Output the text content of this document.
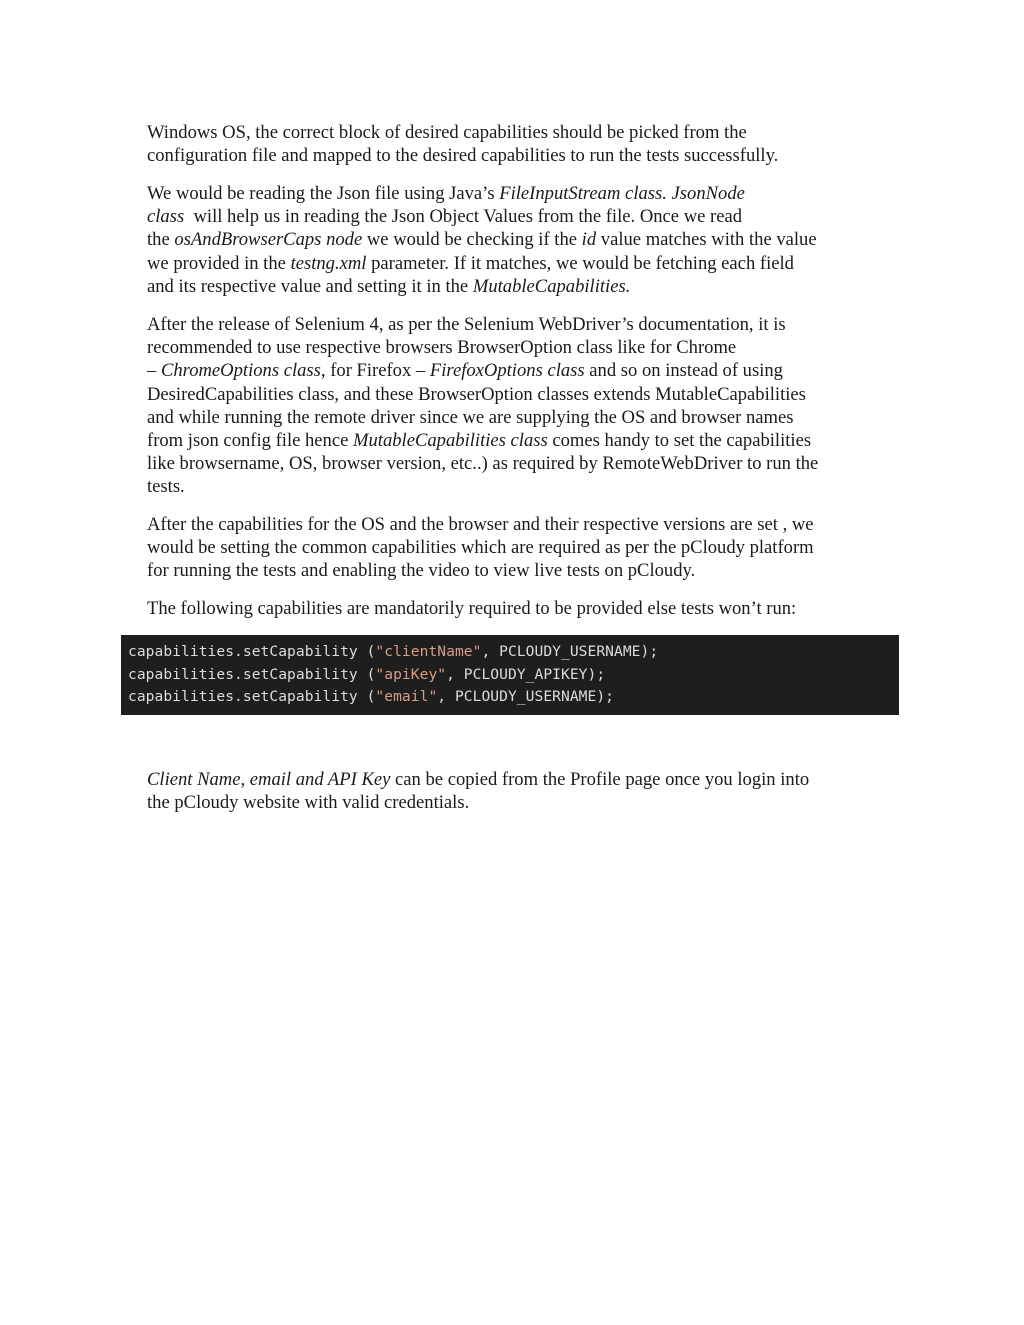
Windows OS, the correct block of desired capabilities should be picked from the
configuration file and mapped to the desired capabilities to run the tests successfully.

We would be reading the Json file using Java’s FileInputStream class. JsonNode
class  will help us in reading the Json Object Values from the file. Once we read
the osAndBrowserCaps node we would be checking if the id value matches with the value
we provided in the testng.xml parameter. If it matches, we would be fetching each field
and its respective value and setting it in the MutableCapabilities.

After the release of Selenium 4, as per the Selenium WebDriver’s documentation, it is
recommended to use respective browsers BrowserOption class like for Chrome
– ChromeOptions class, for Firefox – FirefoxOptions class and so on instead of using
DesiredCapabilities class, and these BrowserOption classes extends MutableCapabilities
and while running the remote driver since we are supplying the OS and browser names
from json config file hence MutableCapabilities class comes handy to set the capabilities
like browsername, OS, browser version, etc..) as required by RemoteWebDriver to run the
tests.

After the capabilities for the OS and the browser and their respective versions are set , we
would be setting the common capabilities which are required as per the pCloudy platform
for running the tests and enabling the video to view live tests on pCloudy.

The following capabilities are mandatorily required to be provided else tests won’t run:

capabilities.setCapability ("clientName", PCLOUDY_USERNAME);
capabilities.setCapability ("apiKey", PCLOUDY_APIKEY);
capabilities.setCapability ("email", PCLOUDY_USERNAME);

Client Name, email and API Key can be copied from the Profile page once you login into
the pCloudy website with valid credentials.
